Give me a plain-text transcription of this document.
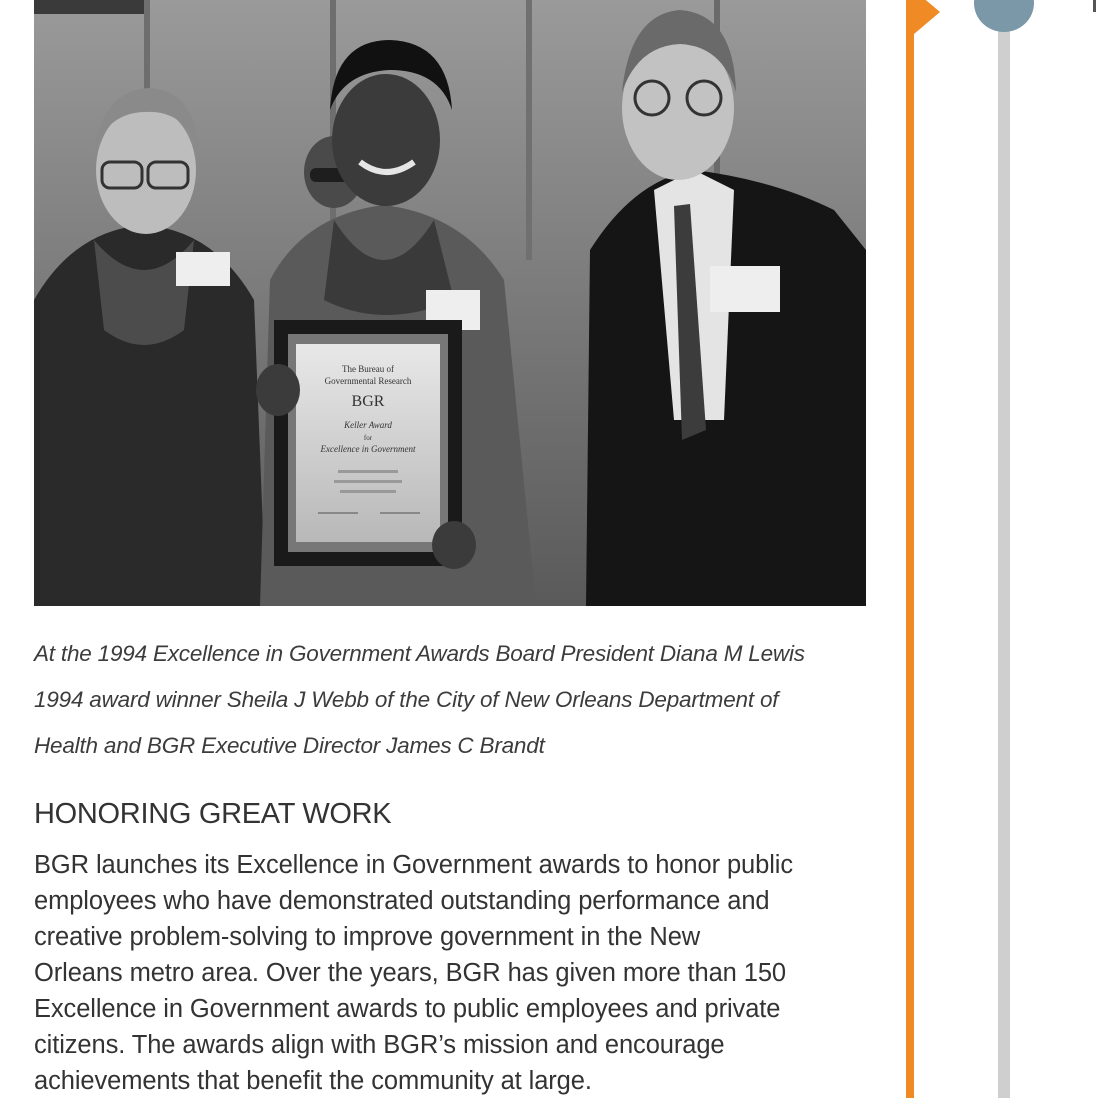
The Bureau of
Governmental Research
BGR
Keller Award
for
Excellence in Government

At the 1994 Excellence in Government Awards Board President Diana M Lewis
1994 award winner Sheila J Webb of the City of New Orleans Department of
Health and BGR Executive Director James C Brandt

HONORING GREAT WORK

BGR launches its Excellence in Government awards to honor public
employees who have demonstrated outstanding performance and
creative problem-solving to improve government in the New
Orleans metro area. Over the years, BGR has given more than 150
Excellence in Government awards to public employees and private
citizens. The awards align with BGR’s mission and encourage
achievements that benefit the community at large.
